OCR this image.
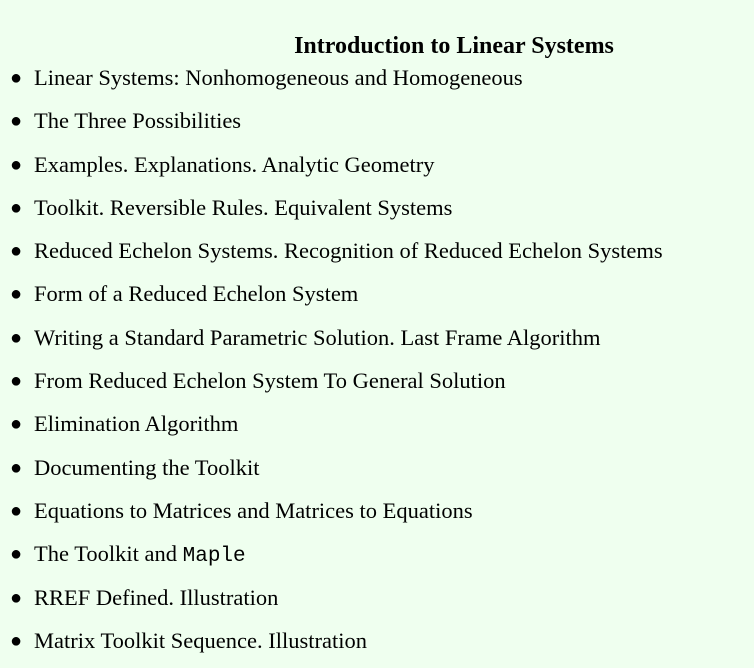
Introduction to Linear Systems
● Linear Systems: Nonhomogeneous and Homogeneous
● The Three Possibilities
● Examples. Explanations. Analytic Geometry
● Toolkit. Reversible Rules. Equivalent Systems
● Reduced Echelon Systems. Recognition of Reduced Echelon Systems
● Form of a Reduced Echelon System
● Writing a Standard Parametric Solution. Last Frame Algorithm
● From Reduced Echelon System To General Solution
● Elimination Algorithm
● Documenting the Toolkit
● Equations to Matrices and Matrices to Equations
● The Toolkit and Maple
● RREF Defined. Illustration
● Matrix Toolkit Sequence. Illustration
